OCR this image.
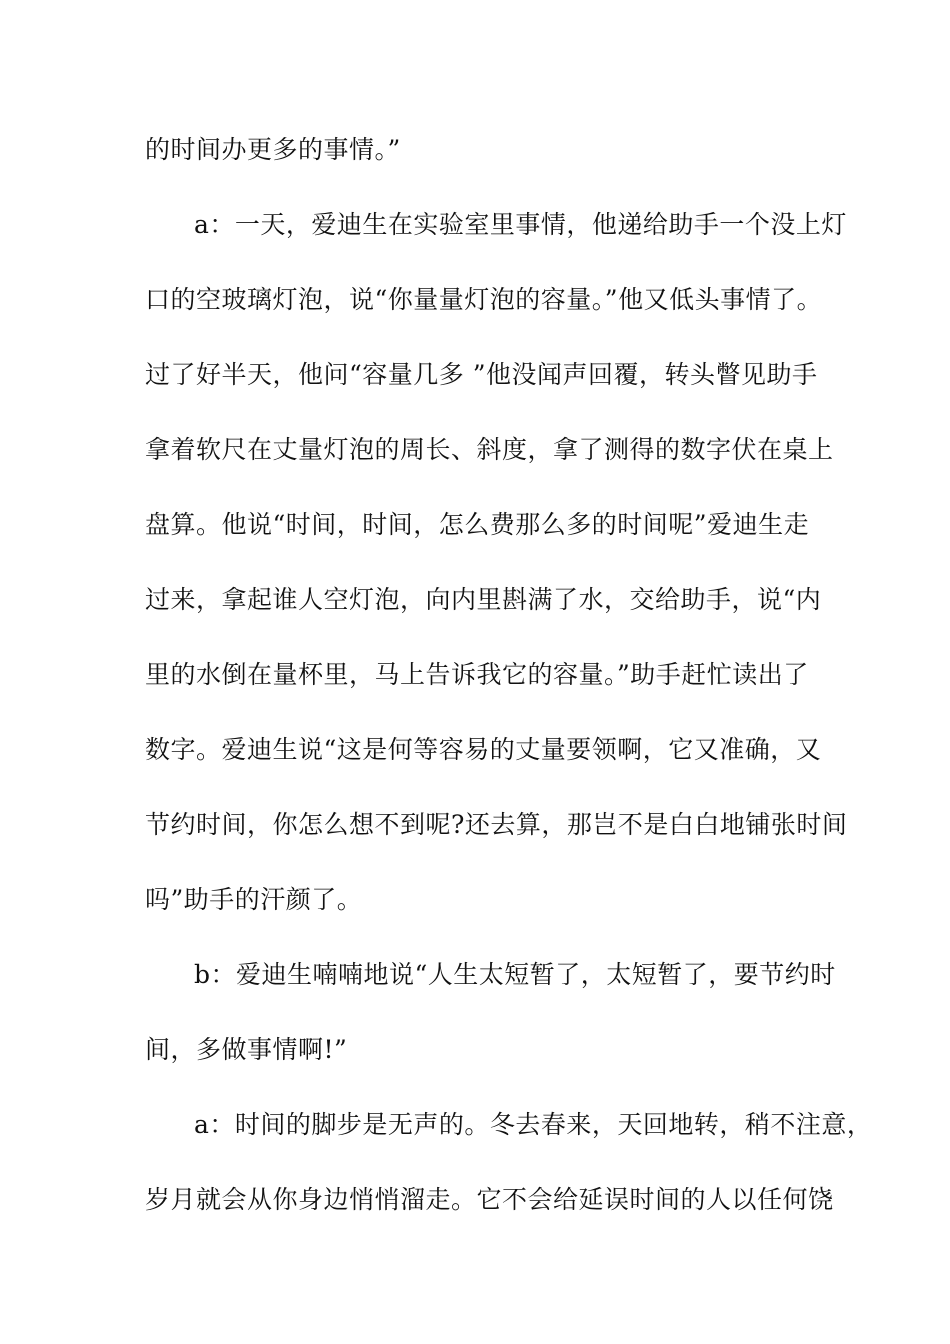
的时间办更多的事情。”
a：一天，爱迪生在实验室里事情，他递给助手一个没上灯
口的空玻璃灯泡，说“你量量灯泡的容量。”他又低头事情了。
过了好半天，他问“容量几多 ”他没闻声回覆，转头瞥见助手
拿着软尺在丈量灯泡的周长、斜度，拿了测得的数字伏在桌上
盘算。他说“时间，时间，怎么费那么多的时间呢”爱迪生走
过来，拿起谁人空灯泡，向内里斟满了水，交给助手，说“内
里的水倒在量杯里，马上告诉我它的容量。”助手赶忙读出了
数字。爱迪生说“这是何等容易的丈量要领啊，它又准确，又
节约时间，你怎么想不到呢?还去算，那岂不是白白地铺张时间
吗”助手的汗颜了。
b：爱迪生喃喃地说“人生太短暂了，太短暂了，要节约时
间，多做事情啊!”
a：时间的脚步是无声的。冬去春来，天回地转，稍不注意，
岁月就会从你身边悄悄溜走。它不会给延误时间的人以任何饶
